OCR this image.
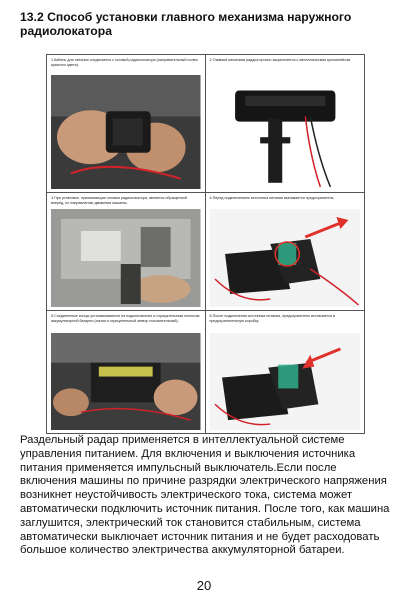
13.2 Способ установки главного механизма наружного радиолокатора

1.Кабель для питания соединяется с головой радиолокатора (направительный полюс красного цвета).

2.Главный механизм радара прочно закрепляется с металлическим кронштейном.

3.При установке, принимающая головка радиолокатора, является обращенной вперед, по направлению движения машины.

4.Перед подключением источника питания вынимается предохранитель.

5.Соединенные концы устанавливаются на подключателях и отрицательным полюсом аккумуляторной батареи (синяя и отрицательный затвор положительный).

6.После подключения источника питания, предохранитель вставляется в предохранительную коробку.

Раздельный радар применяется в интеллектуальной системе управления питанием. Для включения и выключения источника питания применяется импульсный выключатель.Если после включения машины по причине разрядки электрического напряжения возникнет неустойчивость электрического тока, система может автоматически подключить источник питания. После того, как машина заглушится, электрический ток становится стабильным, система автоматически выключает источник питания и не будет расходовать большое количество электричества аккумуляторной батареи.

20
